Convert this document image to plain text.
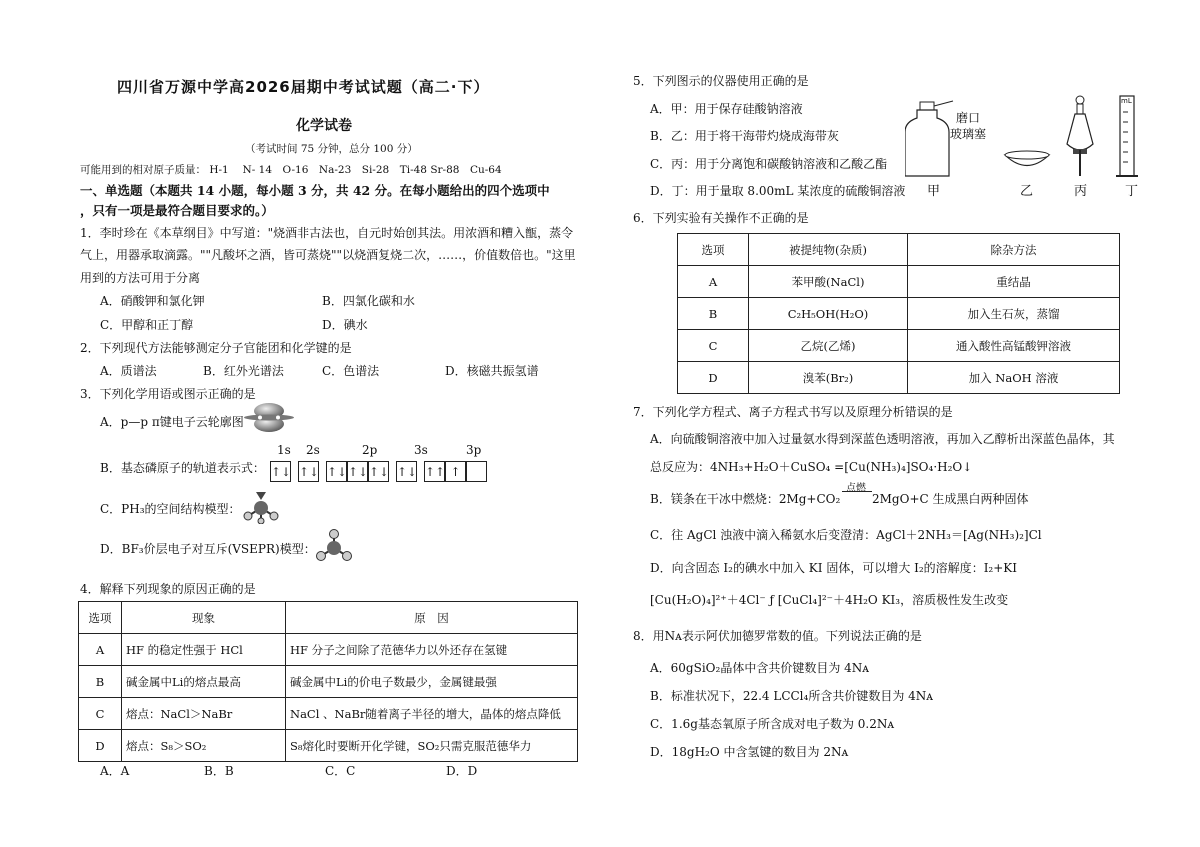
四川省万源中学高2026届期中考试试题（高二·下）
化学试卷
（考试时间 75 分钟，总分 100 分）
可能用到的相对原子质量： H-1　 N- 14　O-16　Na-23　Si-28　Ti-48 Sr-88　Cu-64
一、单选题（本题共 14 小题，每小题 3 分，共 42 分。在每小题给出的四个选项中
，只有一项是最符合题目要求的。）
1．李时珍在《本草纲目》中写道："烧酒非古法也，自元时始创其法。用浓酒和糟入甑，蒸令
气上，用器承取滴露。""凡酸坏之酒，皆可蒸烧""以烧酒复烧二次，……，价值数倍也。"这里
用到的方法可用于分离
A．硝酸钾和氯化钾	B．四氯化碳和水
C．甲醇和正丁醇	D．碘水
2．下列现代方法能够测定分子官能团和化学键的是
A．质谱法	B．红外光谱法	C．色谱法	D．核磁共振氢谱
3．下列化学用语或图示正确的是
A．p—p π键电子云轮廓图
B．基态磷原子的轨道表示式：
1s 2s	2p	3s	3p
↑↓ ↑↓ ↑↓ ↑↓ ↑↓ ↑↓ ↑↑ ↑
C．PH₃的空间结构模型：
D．BF₃价层电子对互斥(VSEPR)模型：
4．解释下列现象的原因正确的是
选项	现象	原　因
A	HF 的稳定性强于 HCl	HF 分子之间除了范德华力以外还存在氢键
B	碱金属中Li的熔点最高	碱金属中Li的价电子数最少，金属键最强
C	熔点：NaCl＞NaBr	NaCl 、NaBr随着离子半径的增大，晶体的熔点降低
D	熔点：S₈＞SO₂	S₈熔化时要断开化学键，SO₂只需克服范德华力
A．A	B．B	C．C	D．D
5．下列图示的仪器使用正确的是
A．甲：用于保存硅酸钠溶液
B．乙：用于将干海带灼烧成海带灰
C．丙：用于分离饱和碳酸钠溶液和乙酸乙酯
D．丁：用于量取 8.00mL 某浓度的硫酸铜溶液
mL
磨口
玻璃塞
甲	乙	丙	丁
6．下列实验有关操作不正确的是
选项	被提纯物(杂质)	除杂方法
A	苯甲酸(NaCl)	重结晶
B	C₂H₅OH(H₂O)	加入生石灰，蒸馏
C	乙烷(乙烯)	通入酸性高锰酸钾溶液
D	溴苯(Br₂)	加入 NaOH 溶液
7．下列化学方程式、离子方程式书写以及原理分析错误的是
A．向硫酸铜溶液中加入过量氨水得到深蓝色透明溶液，再加入乙醇析出深蓝色晶体，其
总反应为：4NH₃+H₂O＋CuSO₄ =[Cu(NH₃)₄]SO₄·H₂O↓
B．镁条在干冰中燃烧：2Mg+CO₂
点燃
2MgO+C 生成黑白两种固体
C．往 AgCl 浊液中滴入稀氨水后变澄清：AgCl＋2NH₃＝[Ag(NH₃)₂]Cl
D．向含固态 I₂的碘水中加入 KI 固体，可以增大 I₂的溶解度：I₂+KI
[Cu(H₂O)₄]²⁺＋4Cl⁻ ƒ [CuCl₄]²⁻＋4H₂O KI₃，溶质极性发生改变
8．用Nᴀ表示阿伏加德罗常数的值。下列说法正确的是
A．60gSiO₂晶体中含共价键数目为 4Nᴀ
B．标准状况下，22.4 LCCl₄所含共价键数目为 4Nᴀ
C．1.6g基态氧原子所含成对电子数为 0.2Nᴀ
D．18gH₂O 中含氢键的数目为 2Nᴀ
